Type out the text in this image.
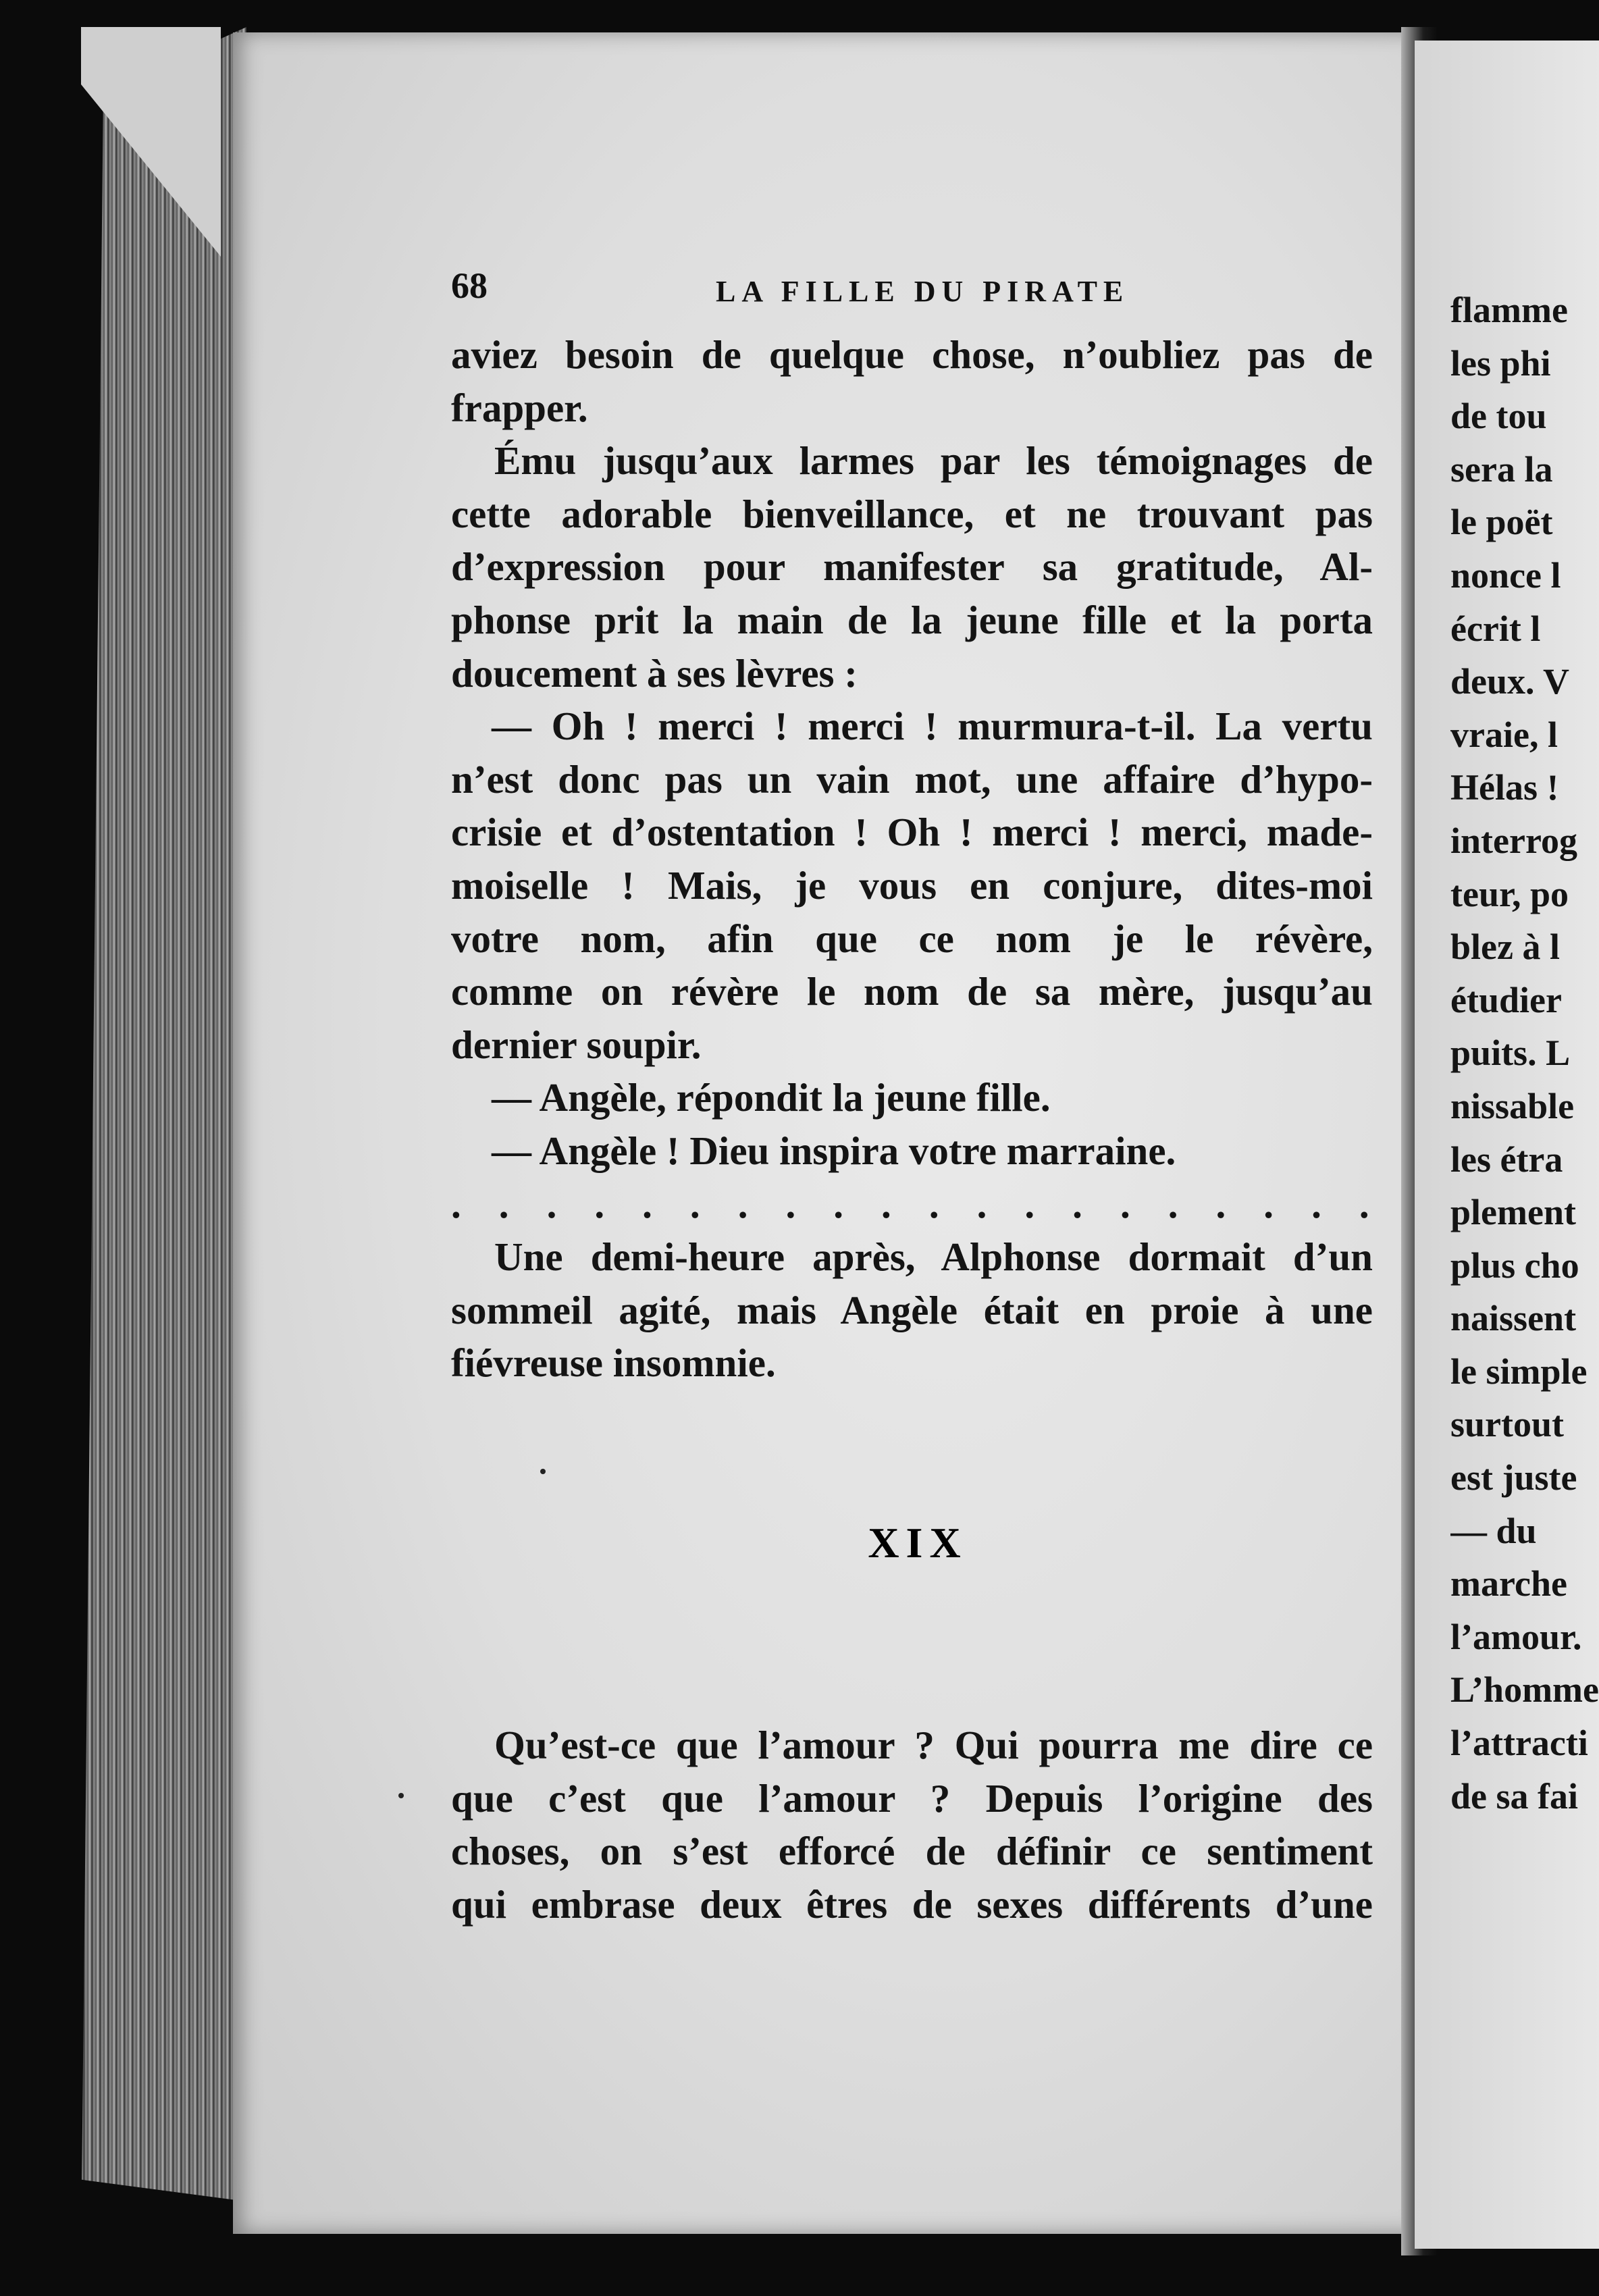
68	LA FILLE DU PIRATE
aviez besoin de quelque chose, n’oubliez pas de
frapper.
Ému jusqu’aux larmes par les témoignages de
cette adorable bienveillance, et ne trouvant pas
d’expression pour manifester sa gratitude, Al-
phonse prit la main de la jeune fille et la porta
doucement à ses lèvres :
— Oh ! merci ! merci ! murmura-t-il. La vertu
n’est donc pas un vain mot, une affaire d’hypo-
crisie et d’ostentation ! Oh ! merci ! merci, made-
moiselle ! Mais, je vous en conjure, dites-moi
votre nom, afin que ce nom je le révère,
comme on révère le nom de sa mère, jusqu’au
dernier soupir.
— Angèle, répondit la jeune fille.
— Angèle ! Dieu inspira votre marraine.
. . . . . . . . . . . . . . . . . . . .
Une demi-heure après, Alphonse dormait d’un
sommeil agité, mais Angèle était en proie à une
fiévreuse insomnie.
XIX
Qu’est-ce que l’amour ? Qui pourra me dire ce
que c’est que l’amour ? Depuis l’origine des
choses, on s’est efforcé de définir ce sentiment
qui embrase deux êtres de sexes différents d’une
flamme
les phi
de tou
sera la
le poët
nonce l
écrit l
deux. V
vraie, l
Hélas !
interrog
teur, po
blez à l
étudier
puits. L
nissable
les étra
plement
plus cho
naissent
le simple
surtout
est juste
— du
marche
l’amour.
L’homme
l’attracti
de sa fai
